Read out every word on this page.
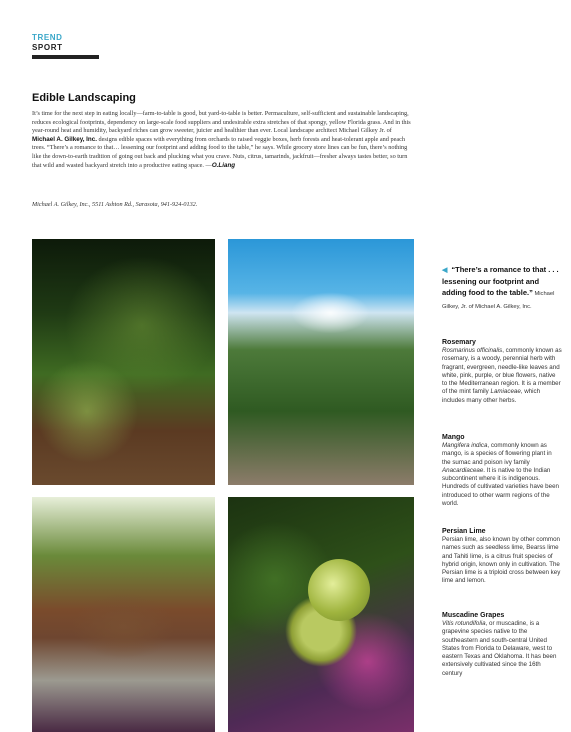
TREND
SPORT
Edible Landscaping

It’s time for the next step in eating locally—farm-to-table is good, but yard-to-table is better. Permaculture, self-sufficient and sustainable landscaping, reduces ecological footprints, dependency on large-scale food suppliers and undesirable extra stretches of that spongy, yellow Florida grass. And in this year-round heat and humidity, backyard riches can grow sweeter, juicier and healthier than ever. Local landscape architect Michael Gilkey Jr. of Michael A. Gilkey, Inc. designs edible spaces with everything from orchards to raised veggie boxes, herb forests and heat-tolerant apple and peach trees. “There’s a romance to that… lessening our footprint and adding food to the table,” he says. While grocery store lines can be fun, there’s nothing like the down-to-earth tradition of going out back and plucking what you crave. Nuts, citrus, tamarinds, jackfruit—fresher always tastes better, so turn that wild and wasted backyard stretch into a productive eating space. —O.Liang

Michael A. Gilkey, Inc., 5511 Ashton Rd., Sarasota, 941-924-0132.

◀ “There’s a romance to that . . . lessening our footprint and adding food to the table.” Michael Gilkey, Jr. of Michael A. Gilkey, Inc.
Rosemary

Rosmarinus officinalis, commonly known as rosemary, is a woody, perennial herb with fragrant, evergreen, needle-like leaves and white, pink, purple, or blue flowers, native to the Mediterranean region. It is a member of the mint family Lamiaceae, which includes many other herbs.

Mango

Mangifera indica, commonly known as mango, is a species of flowering plant in the sumac and poison ivy family Anacardiaceae. It is native to the Indian subcontinent where it is indigenous. Hundreds of cultivated varieties have been introduced to other warm regions of the world.

Persian Lime

Persian lime, also known by other common names such as seedless lime, Bearss lime and Tahiti lime, is a citrus fruit species of hybrid origin, known only in cultivation. The Persian lime is a triploid cross between key lime and lemon.

Muscadine Grapes

Vitis rotundifolia, or muscadine, is a grapevine species native to the southeastern and south-central United States from Florida to Delaware, west to eastern Texas and Oklahoma. It has been extensively cultivated since the 16th century
